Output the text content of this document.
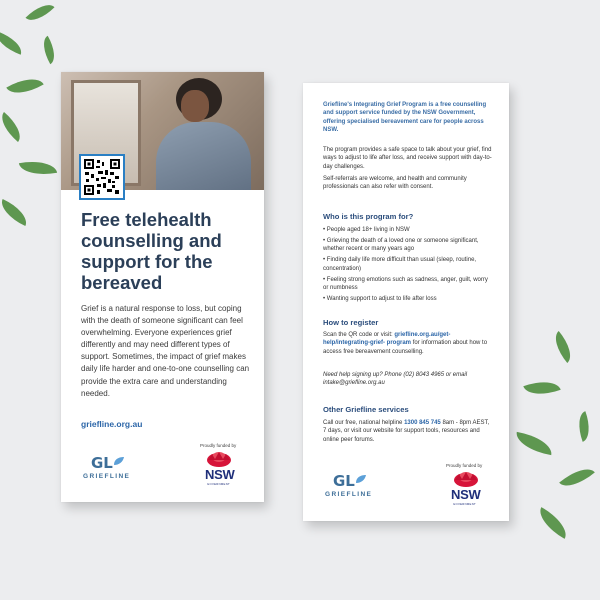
Free telehealth counselling and support for the bereaved

Grief is a natural response to loss, but coping with the death of someone significant can feel overwhelming. Everyone experiences grief differently and may need different types of support. Sometimes, the impact of grief makes daily life harder and one-to-one counselling can provide the extra care and understanding needed.

griefline.org.au
GL
GRIEFLINE
Proudly funded by
NSW
GOVERNMENT

Griefline's Integrating Grief Program is a free counselling and support service funded by the NSW Government, offering specialised bereavement care for people across NSW.

The program provides a safe space to talk about your grief, find ways to adjust to life after loss, and receive support with day-to-day challenges.

Self-referrals are welcome, and health and community professionals can also refer with consent.

Who is this program for?
• People aged 18+ living in NSW
• Grieving the death of a loved one or someone significant, whether recent or many years ago
• Finding daily life more difficult than usual (sleep, routine, concentration)
• Feeling strong emotions such as sadness, anger, guilt, worry or numbness
• Wanting support to adjust to life after loss
How to register

Scan the QR code or visit: griefline.org.au/get-help/integrating-grief- program for information about how to access free bereavement counselling.

Need help signing up? Phone (02) 8043 4965 or email intake@griefline.org.au

Other Griefline services

Call our free, national helpline 1300 845 745 8am - 8pm AEST, 7 days, or visit our website for support tools, resources and online peer forums.

GL
GRIEFLINE
Proudly funded by
NSW
GOVERNMENT
